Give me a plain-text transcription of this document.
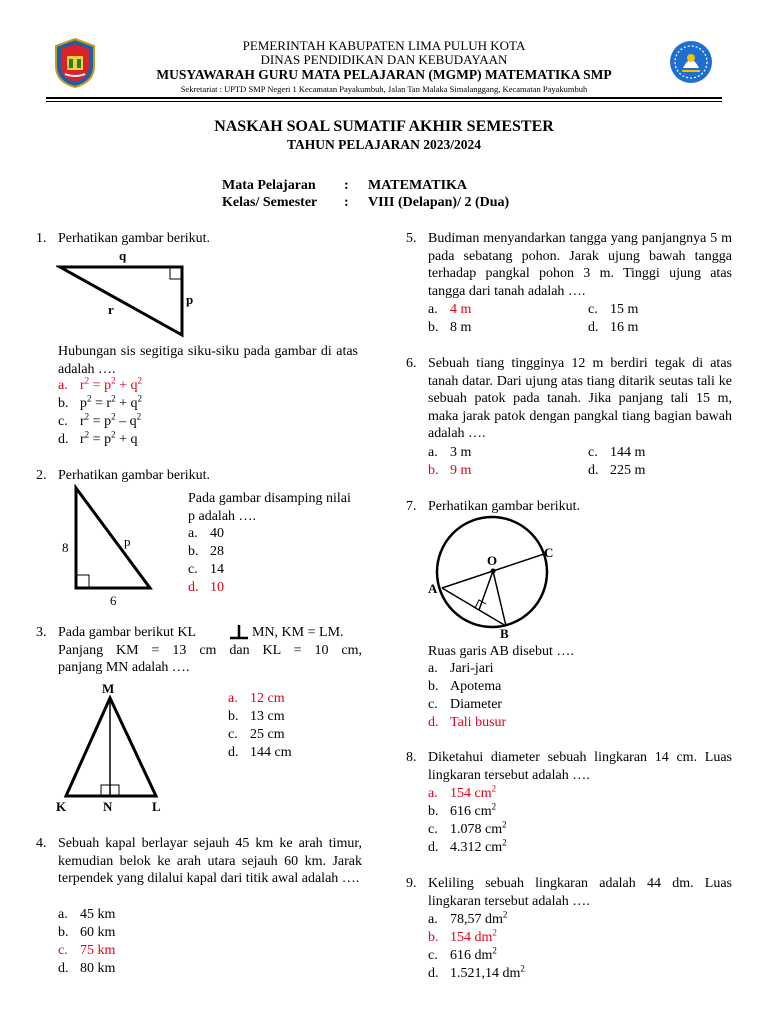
PEMERINTAH KABUPATEN LIMA PULUH KOTA
DINAS PENDIDIKAN DAN KEBUDAYAAN
MUSYAWARAH GURU MATA PELAJARAN (MGMP) MATEMATIKA SMP
Sekretariat : UPTD SMP Negeri 1 Kecamatan Payakumbuh, Jalan Tan Malaka Simalanggang, Kecamatan Payakumbuh
NASKAH SOAL SUMATIF AKHIR SEMESTER
TAHUN PELAJARAN 2023/2024
Mata Pelajaran : MATEMATIKA
Kelas/ Semester : VIII (Delapan)/ 2 (Dua)
1. Perhatikan gambar berikut.
q
p
r
Hubungan sis segitiga siku-siku pada gambar di atas adalah ….
a. $r^2 = p^2 + q^2$
b. $p^2 = r^2 + q^2$
c. $r^2 = p^2 - q^2$
d. $r^2 = p^2 + q$
2. Perhatikan gambar berikut.
8	p
6
Pada gambar disamping nilai p adalah ….
a. 40
b. 28
c. 14
d. 10
3. Pada gambar berikut KL	MN, KM = LM.
Panjang KM = 13 cm dan KL = 10 cm,
panjang MN adalah ….
M
K	N	L
a. 12 cm
b. 13 cm
c. 25 cm
d. 144 cm
4. Sebuah kapal berlayar sejauh 45 km ke arah timur, kemudian belok ke arah utara sejauh 60 km. Jarak terpendek yang dilalui kapal dari titik awal adalah ….
a. 45 km
b. 60 km
c. 75 km
d. 80 km
5. Budiman menyandarkan tangga yang panjangnya 5 m pada sebatang pohon. Jarak ujung bawah tangga terhadap pangkal pohon 3 m. Tinggi ujung atas tangga dari tanah adalah ….
a. 4 m	c. 15 m
b. 8 m	d. 16 m
6. Sebuah tiang tingginya 12 m berdiri tegak di atas tanah datar. Dari ujung atas tiang ditarik seutas tali ke sebuah patok pada tanah. Jika panjang tali 15 m, maka jarak patok dengan pangkal tiang bagian bawah adalah ….
a. 3 m	c. 144 m
b. 9 m	d. 225 m
7. Perhatikan gambar berikut.
O
C
A
B
Ruas garis AB disebut ….
a. Jari-jari
b. Apotema
c. Diameter
d. Tali busur
8. Diketahui diameter sebuah lingkaran 14 cm. Luas lingkaran tersebut adalah ….
a. 154 $cm^2$
b. 616 $cm^2$
c. 1.078 $cm^2$
d. 4.312 $cm^2$
9. Keliling sebuah lingkaran adalah 44 dm. Luas lingkaran tersebut adalah ….
a. 78,57 $dm^2$
b. 154 $dm^2$
c. 616 $dm^2$
d. 1.521,14 $dm^2$
